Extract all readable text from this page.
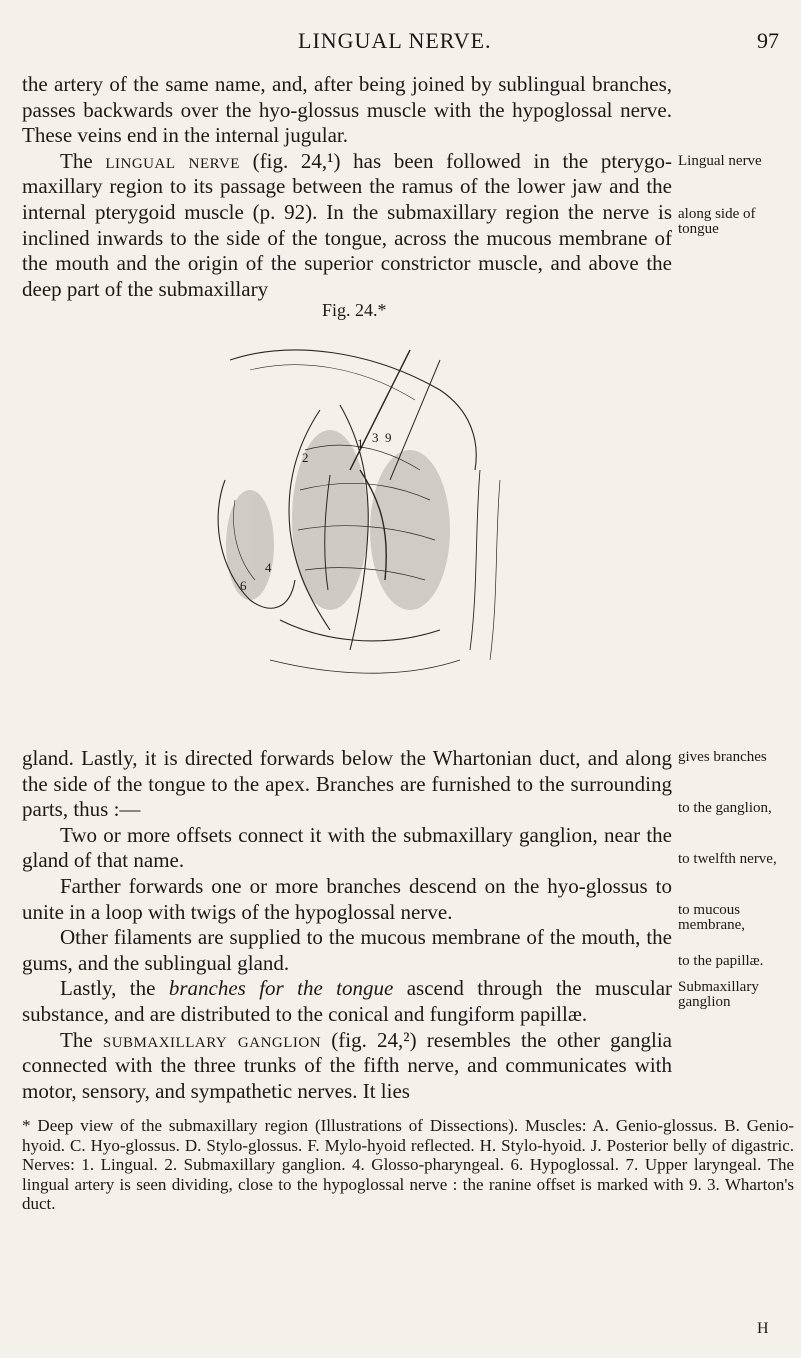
LINGUAL NERVE.	97

the artery of the same name, and, after being joined by sublingual branches, passes backwards over the hyo-glossus muscle with the hypoglossal nerve. These veins end in the internal jugular.

The lingual nerve (fig. 24,¹) has been followed in the pterygo-maxillary region to its passage between the ramus of the lower jaw and the internal pterygoid muscle (p. 92). In the submaxillary region the nerve is inclined inwards to the side of the tongue, across the mucous membrane of the mouth and the origin of the superior constrictor muscle, and above the deep part of the submaxillary

Lingual nerve
along side of tongue
gives branches
to the ganglion,
to twelfth nerve,
to mucous membrane,
to the papillæ.
Submaxillary ganglion
Fig. 24.*
1
2
3
4
6
9

gland. Lastly, it is directed forwards below the Whartonian duct, and along the side of the tongue to the apex. Branches are furnished to the surrounding parts, thus :—

Two or more offsets connect it with the submaxillary ganglion, near the gland of that name.

Farther forwards one or more branches descend on the hyo-glossus to unite in a loop with twigs of the hypoglossal nerve.

Other filaments are supplied to the mucous membrane of the mouth, the gums, and the sublingual gland.

Lastly, the branches for the tongue ascend through the muscular substance, and are distributed to the conical and fungiform papillæ.

The submaxillary ganglion (fig. 24,²) resembles the other ganglia connected with the three trunks of the fifth nerve, and communicates with motor, sensory, and sympathetic nerves. It lies

* Deep view of the submaxillary region (Illustrations of Dissections). Muscles: A. Genio-glossus. B. Genio-hyoid. C. Hyo-glossus. D. Stylo-glossus. F. Mylo-hyoid reflected. H. Stylo-hyoid. J. Posterior belly of digastric. Nerves: 1. Lingual. 2. Submaxillary ganglion. 4. Glosso-pharyngeal. 6. Hypoglossal. 7. Upper laryngeal. The lingual artery is seen dividing, close to the hypoglossal nerve : the ranine offset is marked with 9. 3. Wharton's duct.

H
